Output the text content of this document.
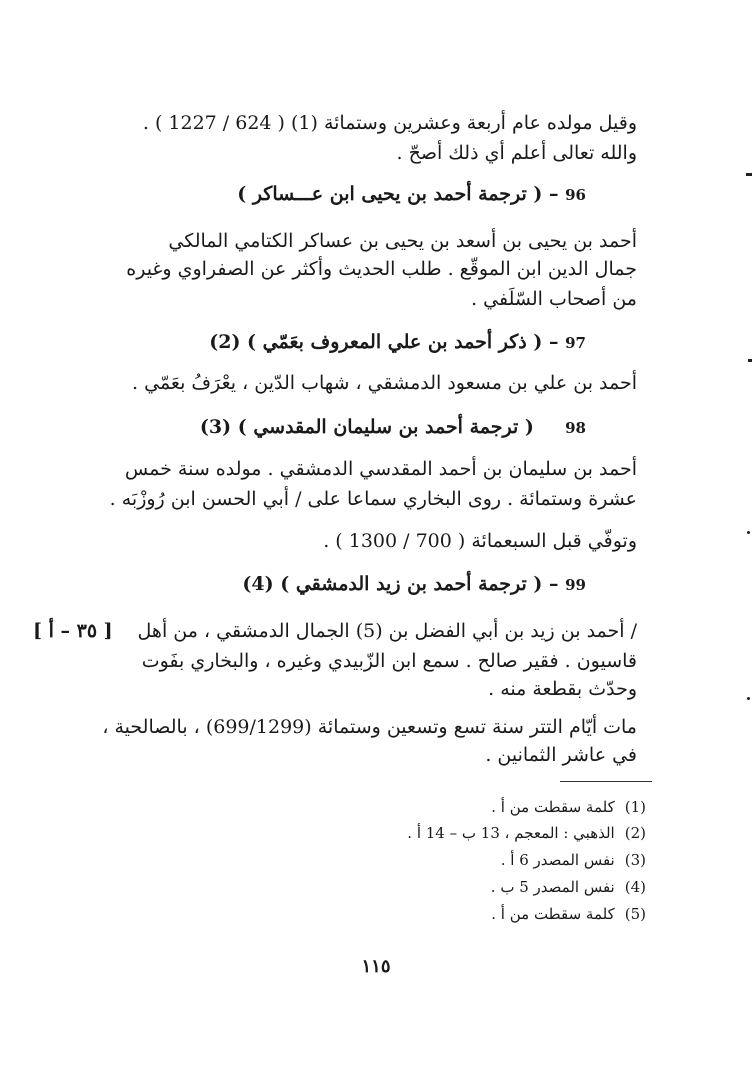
وقيل مولده عام أربعة وعشرين وستمائة (1) ( 624 / 1227 ) .
والله تعالى أعلم أي ذلك أصحّ .
96 – ( ترجمة أحمد بن يحيى ابن عـــساكر )
أحمد بن يحيى بن أسعد بن يحيى بن عساكر الكتامي المالكي
جمال الدين ابن الموقّع . طلب الحديث وأكثر عن الصفراوي وغيره
من أصحاب السّلَفي .
97 – ( ذكر أحمد بن علي المعروف بعَمّي ) (2)
أحمد بن علي بن مسعود الدمشقي ، شهاب الدّين ، يعْرَفُ بعَمّي .
98  ( ترجمة أحمد بن سليمان المقدسي ) (3)
أحمد بن سليمان بن أحمد المقدسي الدمشقي . مولده سنة خمس
عشرة وستمائة . روى البخاري سماعا على / أبي الحسن ابن رُوزْبَه .
وتوفّي قبل السبعمائة ( 700 / 1300 ) .
99 – ( ترجمة أحمد بن زيد الدمشقي ) (4)
/ أحمد بن زيد بن أبي الفضل بن (5) الجمال الدمشقي ، من أهل
قاسيون . فقير صالح . سمع ابن الزّبيدي وغيره ، والبخاري بفَوت
وحدّث بقطعة منه .
مات أيّام التتر سنة تسع وتسعين وستمائة (699/1299) ، بالصالحية ،
في عاشر الثمانين .
[ ٣٥ – أ ]
(1)كلمة سقطت من أ .
(2)الذهبي : المعجم ، 13 ب – 14 أ .
(3)نفس المصدر 6 أ .
(4)نفس المصدر 5 ب .
(5)كلمة سقطت من أ .
١١٥
